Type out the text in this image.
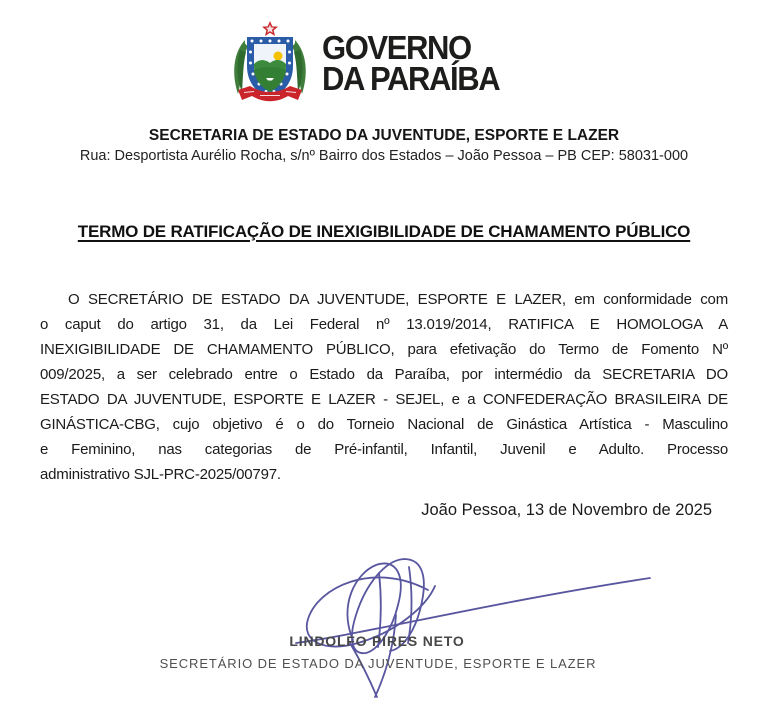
GOVERNO
DA PARAÍBA
SECRETARIA DE ESTADO DA JUVENTUDE, ESPORTE E LAZER
Rua: Desportista Aurélio Rocha, s/nº Bairro dos Estados – João Pessoa – PB CEP: 58031-000
TERMO DE RATIFICAÇÃO DE INEXIGIBILIDADE DE CHAMAMENTO PÚBLICO
O SECRETÁRIO DE ESTADO DA JUVENTUDE, ESPORTE E LAZER, em conformidade com
o caput do artigo 31, da Lei Federal nº 13.019/2014, RATIFICA E HOMOLOGA A
INEXIGIBILIDADE DE CHAMAMENTO PÚBLICO, para efetivação do Termo de Fomento Nº
009/2025, a ser celebrado entre o Estado da Paraíba, por intermédio da SECRETARIA DO
ESTADO DA JUVENTUDE, ESPORTE E LAZER - SEJEL, e a CONFEDERAÇÃO BRASILEIRA DE
GINÁSTICA-CBG, cujo objetivo é o do Torneio Nacional de Ginástica Artística - Masculino
e Feminino, nas categorias de Pré-infantil, Infantil, Juvenil e Adulto. Processo
administrativo SJL-PRC-2025/00797.
João Pessoa, 13 de Novembro de 2025
LINDOLFO PIRES NETO
SECRETÁRIO DE ESTADO DA JUVENTUDE, ESPORTE E LAZER
